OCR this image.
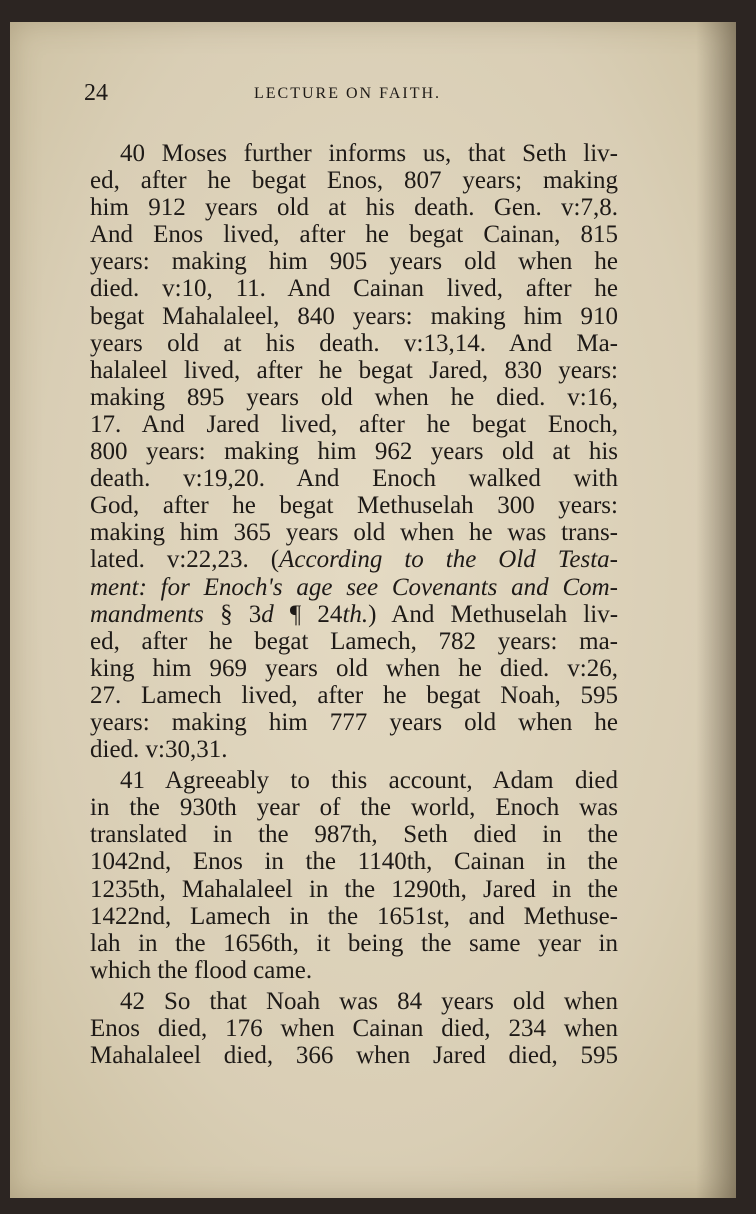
24	LECTURE ON FAITH.
40 Moses further informs us, that Seth liv-
ed, after he begat Enos, 807 years; making
him 912 years old at his death. Gen. v:7,8.
And Enos lived, after he begat Cainan, 815
years: making him 905 years old when he
died. v:10, 11. And Cainan lived, after he
begat Mahalaleel, 840 years: making him 910
years old at his death. v:13,14. And Ma-
halaleel lived, after he begat Jared, 830 years:
making 895 years old when he died. v:16,
17. And Jared lived, after he begat Enoch,
800 years: making him 962 years old at his
death. v:19,20. And Enoch walked with
God, after he begat Methuselah 300 years:
making him 365 years old when he was trans-
lated. v:22,23. (According to the Old Testa-
ment: for Enoch's age see Covenants and Com-
mandments § 3d ¶ 24th.) And Methuselah liv-
ed, after he begat Lamech, 782 years: ma-
king him 969 years old when he died. v:26,
27. Lamech lived, after he begat Noah, 595
years: making him 777 years old when he
died. v:30,31.
41 Agreeably to this account, Adam died
in the 930th year of the world, Enoch was
translated in the 987th, Seth died in the
1042nd, Enos in the 1140th, Cainan in the
1235th, Mahalaleel in the 1290th, Jared in the
1422nd, Lamech in the 1651st, and Methuse-
lah in the 1656th, it being the same year in
which the flood came.
42 So that Noah was 84 years old when
Enos died, 176 when Cainan died, 234 when
Mahalaleel died, 366 when Jared died, 595
